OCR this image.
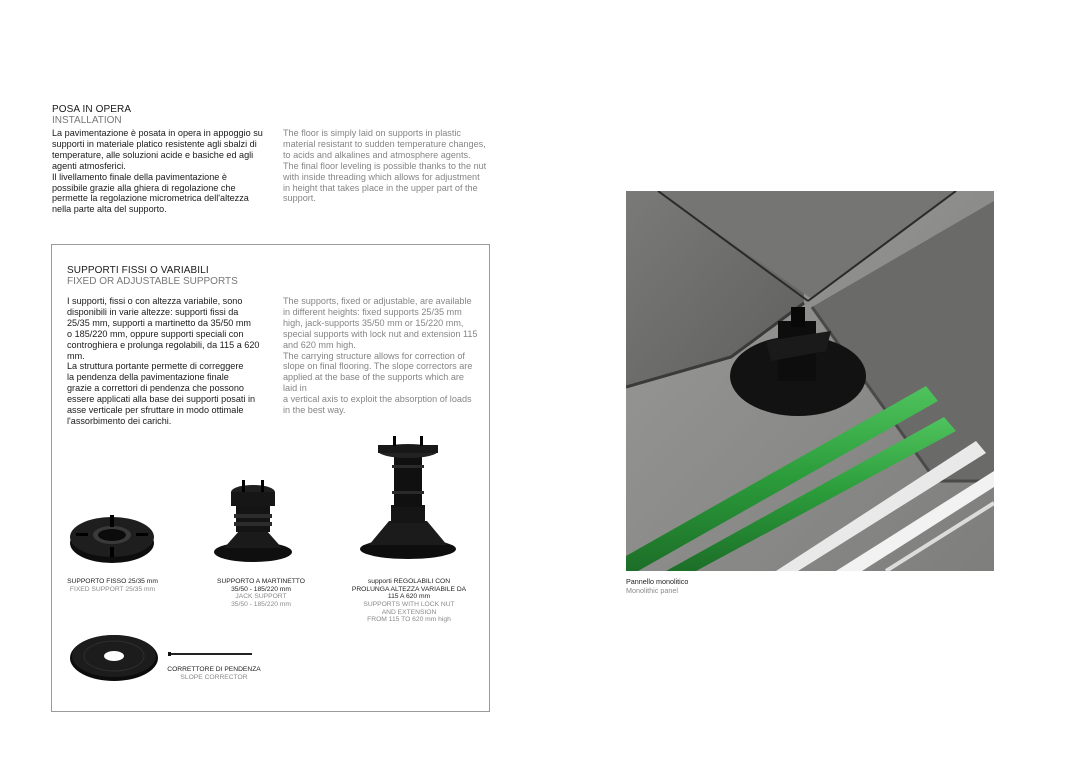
POSA IN OPERA
INSTALLATION
La pavimentazione è posata in opera in appoggio su
supporti in materiale platico resistente agli sbalzi di
temperature, alle soluzioni acide e basiche ed agli
agenti atmosferici.
Il livellamento finale della pavimentazione è
possibile grazie alla ghiera di regolazione che
permette la regolazione micrometrica dell'altezza
nella parte alta del supporto.
The floor is simply laid on supports in plastic
material resistant to sudden temperature changes,
to acids and alkalines and atmosphere agents.
The final floor leveling is possible thanks to the nut
with inside threading which allows for adjustment
in height that takes place in the upper part of the
support.
SUPPORTI FISSI O VARIABILI
FIXED OR ADJUSTABLE SUPPORTS
I supporti, fissi o con altezza variabile, sono
disponibili in varie altezze: supporti fissi da
25/35 mm, supporti a martinetto da 35/50 mm
o 185/220 mm, oppure supporti speciali con
controghiera e prolunga regolabili, da 115 a 620
mm.
La struttura portante permette di correggere
la pendenza della pavimentazione finale
grazie a correttori di pendenza che possono
essere applicati alla base dei supporti posati in
asse verticale per sfruttare in modo ottimale
l'assorbimento dei carichi.
The supports, fixed or adjustable, are available
in different heights: fixed supports 25/35 mm
high, jack-supports 35/50 mm or 15/220 mm,
special supports with lock nut and extension 115
and 620 mm high.
The carrying structure allows for correction of
slope on final flooring. The slope correctors are
applied at the base of the supports which are
laid in
a vertical axis to exploit the absorption of loads
in the best way.
SUPPORTO FISSO 25/35 mm
FIXED SUPPORT 25/35 mm
SUPPORTO A MARTINETTO
35/50 - 185/220 mm
JACK SUPPORT
35/50 - 185/220 mm
supporti REGOLABILI CON
PROLUNGA ALTEZZA VARIABILE DA
115 A 620 mm
SUPPORTS WITH LOCK NUT
AND EXTENSION
FROM 115 TO 620 mm high
CORRETTORE DI PENDENZA
SLOPE CORRECTOR
Pannello monolitico
Monolithic panel
